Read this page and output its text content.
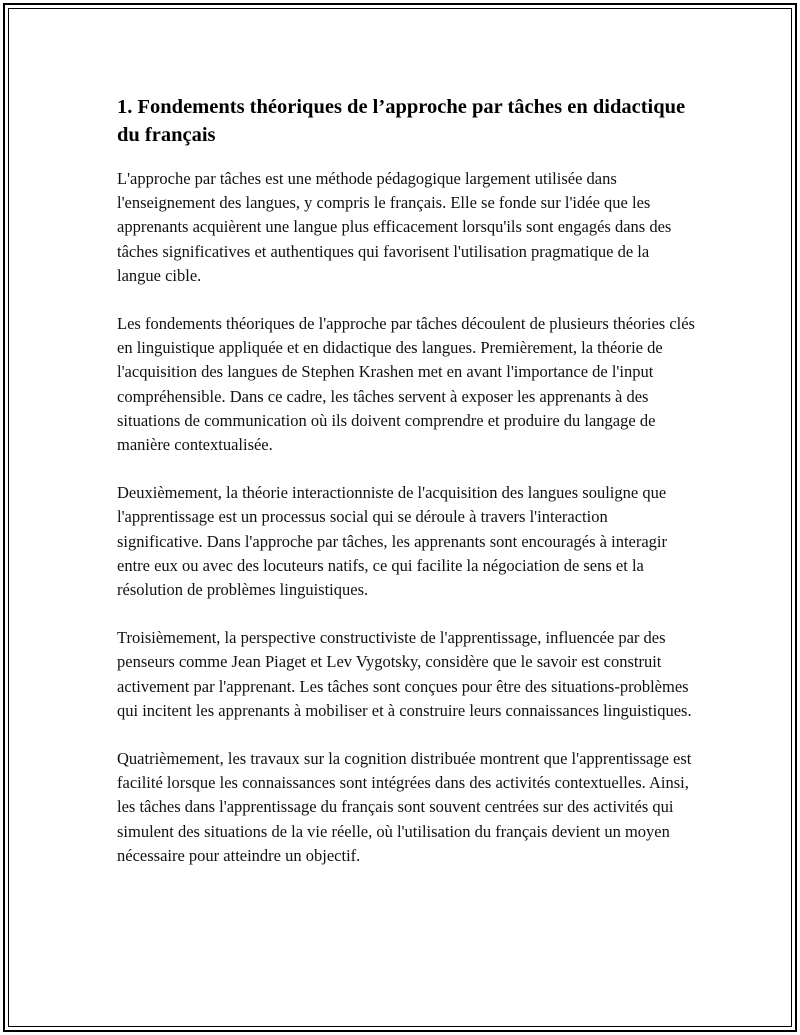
1. Fondements théoriques de l’approche par tâches en didactique du français

L'approche par tâches est une méthode pédagogique largement utilisée dans l'enseignement des langues, y compris le français. Elle se fonde sur l'idée que les apprenants acquièrent une langue plus efficacement lorsqu'ils sont engagés dans des tâches significatives et authentiques qui favorisent l'utilisation pragmatique de la langue cible.

Les fondements théoriques de l'approche par tâches découlent de plusieurs théories clés en linguistique appliquée et en didactique des langues. Premièrement, la théorie de l'acquisition des langues de Stephen Krashen met en avant l'importance de l'input compréhensible. Dans ce cadre, les tâches servent à exposer les apprenants à des situations de communication où ils doivent comprendre et produire du langage de manière contextualisée.

Deuxièmement, la théorie interactionniste de l'acquisition des langues souligne que l'apprentissage est un processus social qui se déroule à travers l'interaction significative. Dans l'approche par tâches, les apprenants sont encouragés à interagir entre eux ou avec des locuteurs natifs, ce qui facilite la négociation de sens et la résolution de problèmes linguistiques.

Troisièmement, la perspective constructiviste de l'apprentissage, influencée par des penseurs comme Jean Piaget et Lev Vygotsky, considère que le savoir est construit activement par l'apprenant. Les tâches sont conçues pour être des situations-problèmes qui incitent les apprenants à mobiliser et à construire leurs connaissances linguistiques.

Quatrièmement, les travaux sur la cognition distribuée montrent que l'apprentissage est facilité lorsque les connaissances sont intégrées dans des activités contextuelles. Ainsi, les tâches dans l'apprentissage du français sont souvent centrées sur des activités qui simulent des situations de la vie réelle, où l'utilisation du français devient un moyen nécessaire pour atteindre un objectif.
